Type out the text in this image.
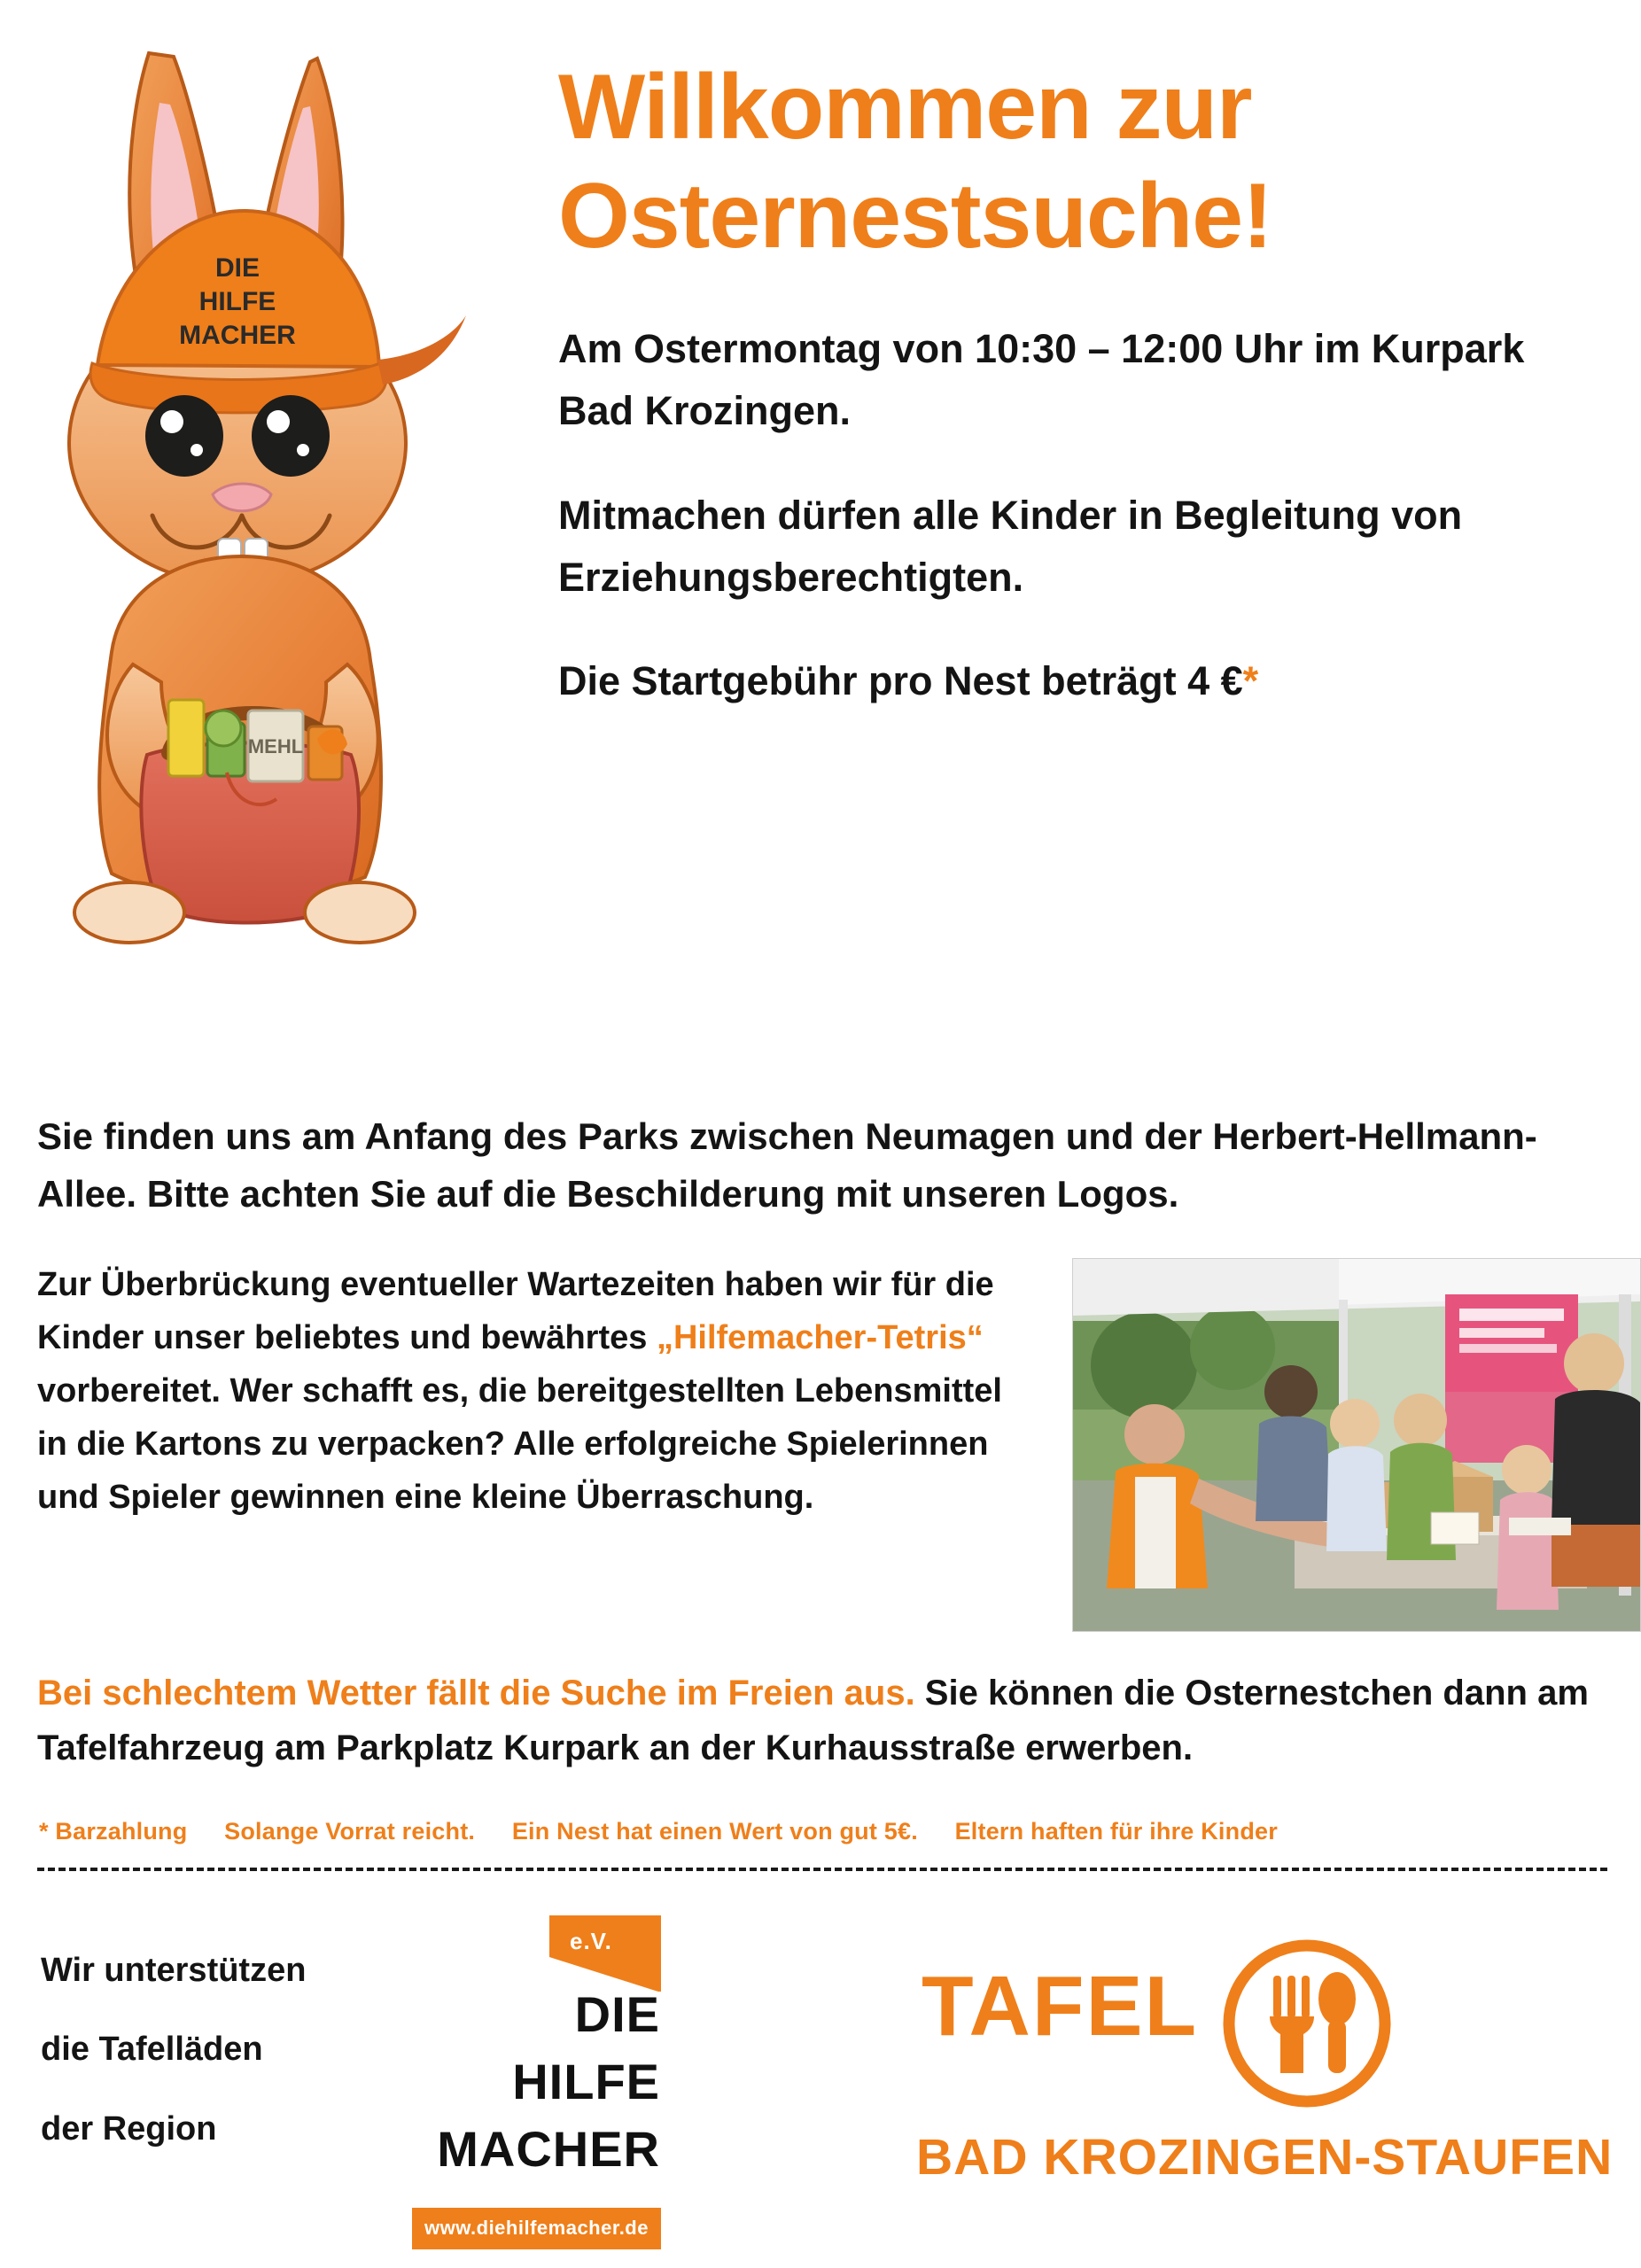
DIE
HILFE
MACHER
MEHL
Willkommen zur
Osternestsuche!

Am Ostermontag von 10:30 – 12:00 Uhr im Kurpark Bad Krozingen.

Mitmachen dürfen alle Kinder in Begleitung von Erziehungsberechtigten.

Die Startgebühr pro Nest beträgt 4 €*

Sie finden uns am Anfang des Parks zwischen Neumagen und der Herbert-Hellmann-Allee. Bitte achten Sie auf die Beschilderung mit unseren Logos.
Zur Überbrückung eventueller Wartezeiten haben wir für die Kinder unser beliebtes und bewährtes „Hilfemacher-Tetris“ vorbereitet. Wer schafft es, die bereitgestellten Lebensmittel in die Kartons zu verpacken? Alle erfolgreiche Spielerinnen und Spieler gewinnen eine kleine Überraschung.
Bei schlechtem Wetter fällt die Suche im Freien aus. Sie können die Osternestchen dann am Tafelfahrzeug am Parkplatz Kurpark an der Kurhausstraße erwerben.
* Barzahlung Solange Vorrat reicht. Ein Nest hat einen Wert von gut 5€. Eltern haften für ihre Kinder
Wir unterstützen
die Tafelläden
der Region
e.V.
DIE
HILFE
MACHER
www.diehilfemacher.de
TAFEL
BAD KROZINGEN-STAUFEN
